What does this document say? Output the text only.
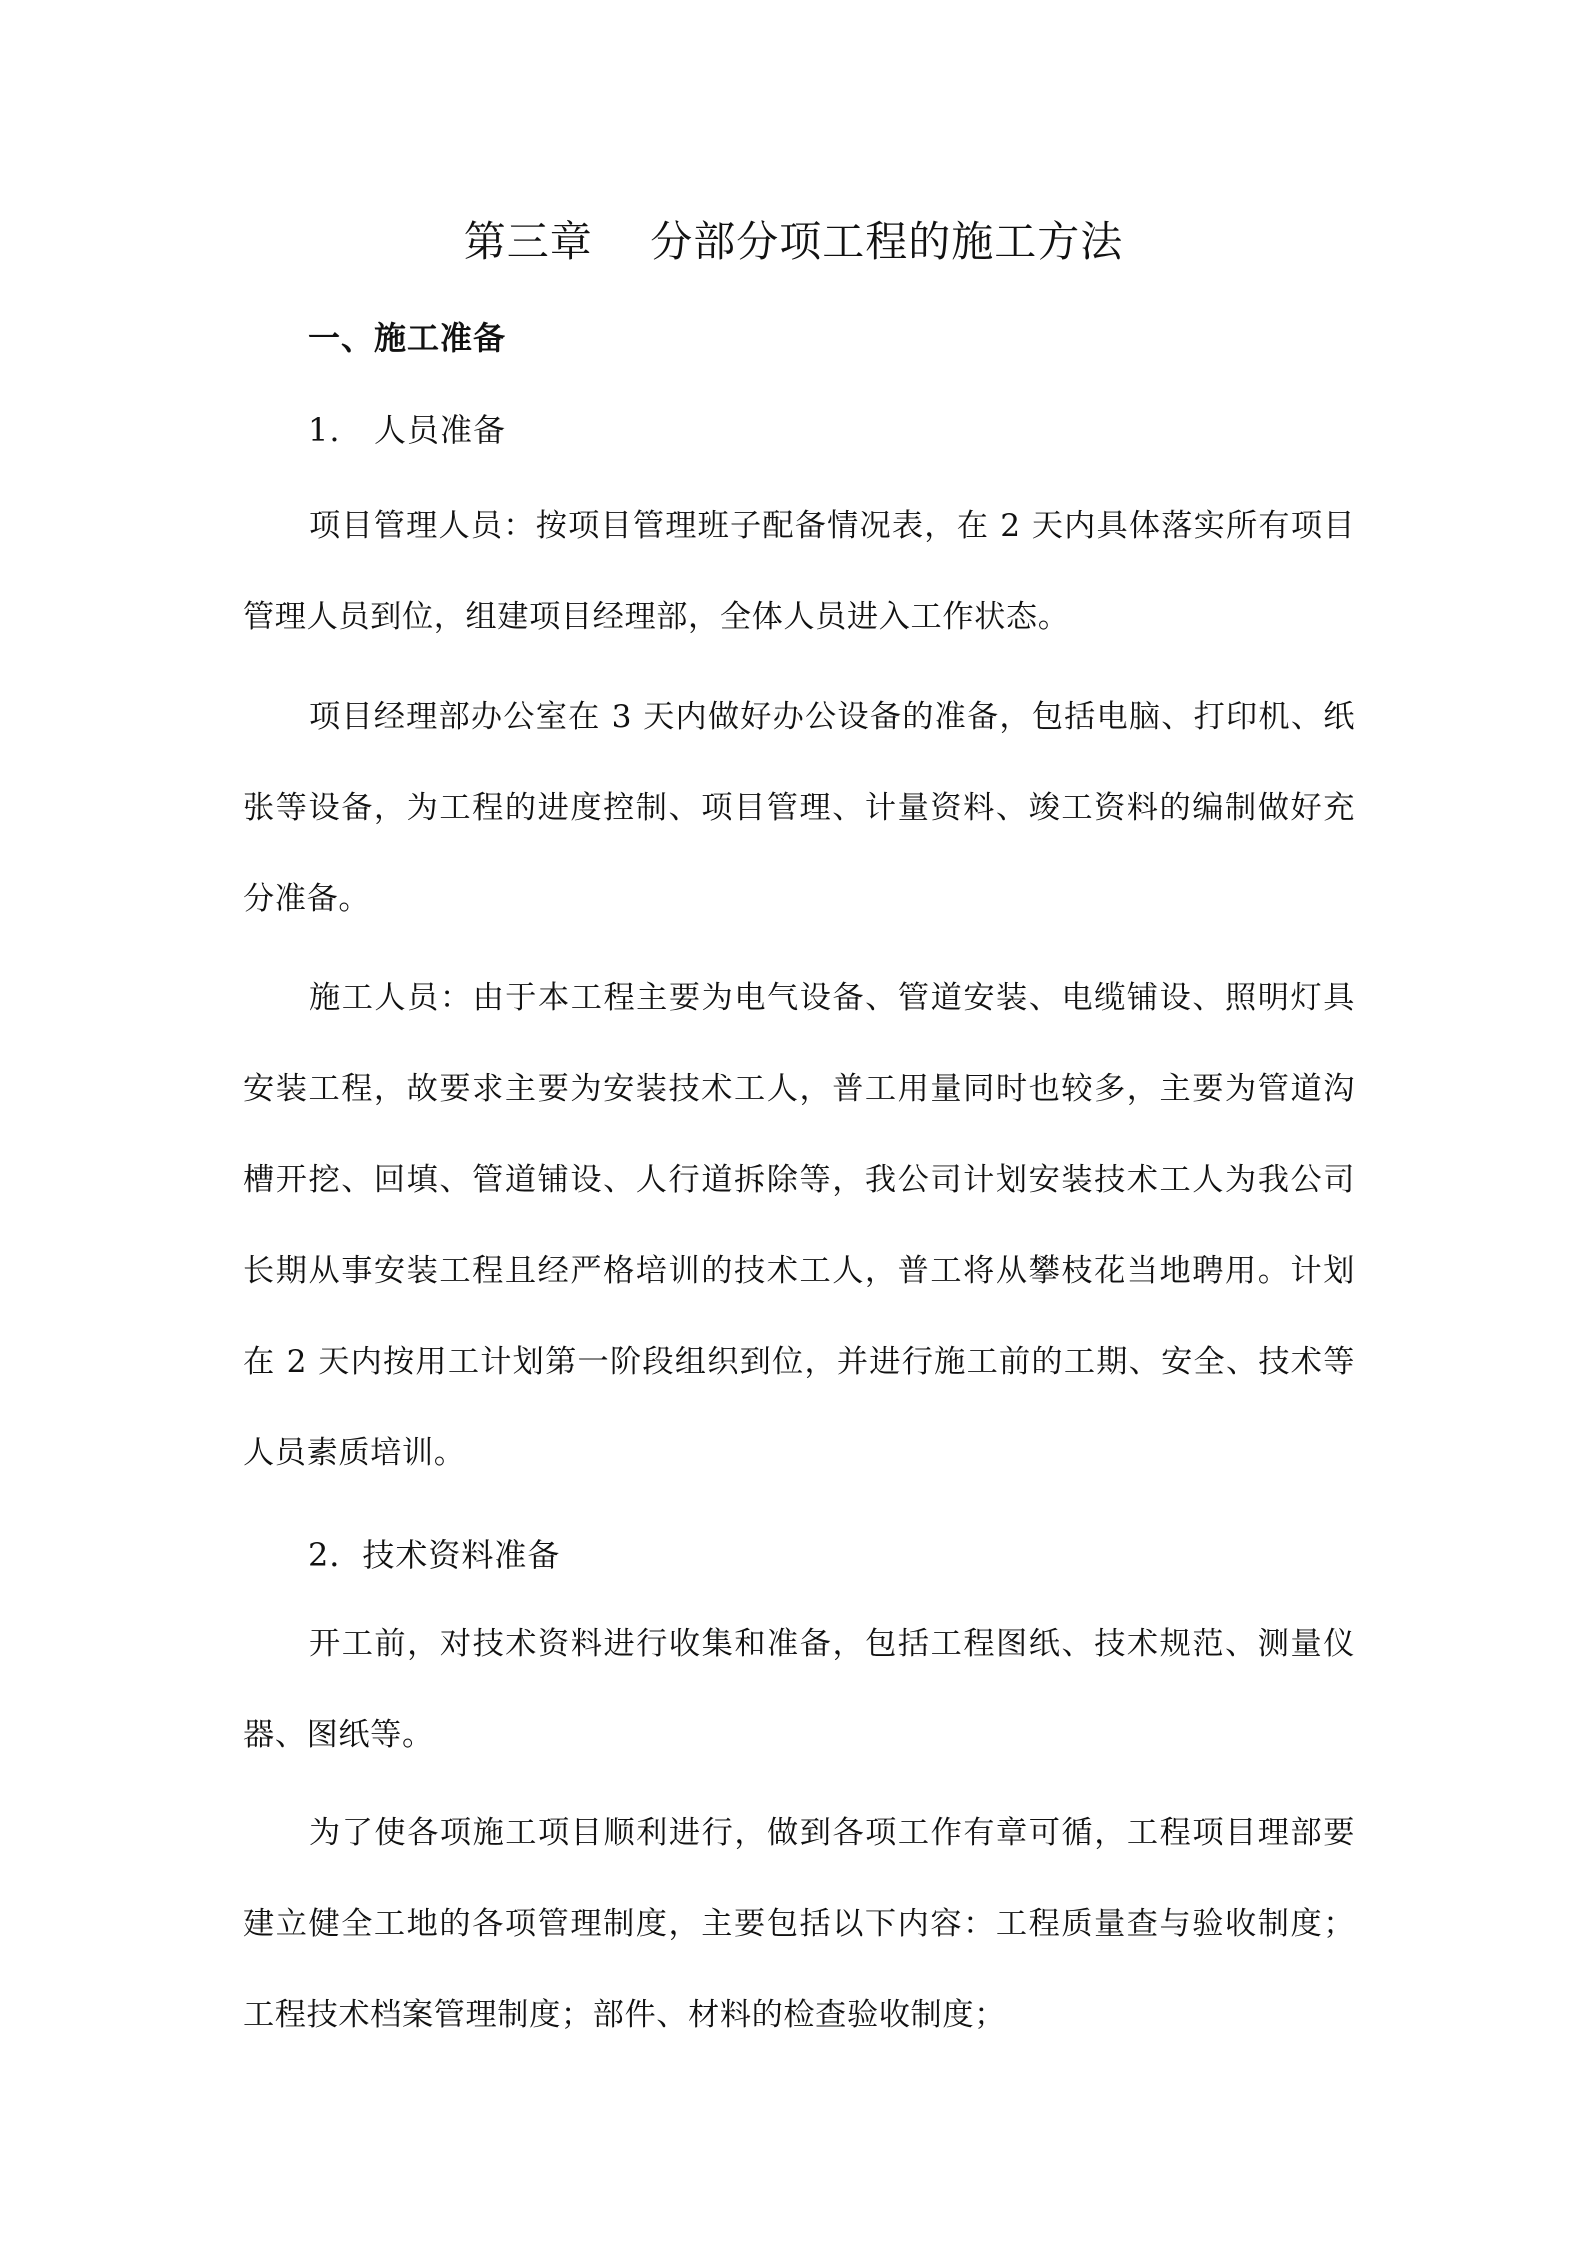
第三章    分部分项工程的施工方法
一、施工准备
1.   人员准备
项目管理人员：按项目管理班子配备情况表，在 2 天内具体落实所有项目管理人员到位，组建项目经理部，全体人员进入工作状态。
项目经理部办公室在 3 天内做好办公设备的准备，包括电脑、打印机、纸张等设备，为工程的进度控制、项目管理、计量资料、竣工资料的编制做好充分准备。
施工人员：由于本工程主要为电气设备、管道安装、电缆铺设、照明灯具安装工程，故要求主要为安装技术工人，普工用量同时也较多，主要为管道沟槽开挖、回填、管道铺设、人行道拆除等，我公司计划安装技术工人为我公司长期从事安装工程且经严格培训的技术工人，普工将从攀枝花当地聘用。计划在 2 天内按用工计划第一阶段组织到位，并进行施工前的工期、安全、技术等人员素质培训。
2．技术资料准备
开工前，对技术资料进行收集和准备，包括工程图纸、技术规范、测量仪器、图纸等。
为了使各项施工项目顺利进行，做到各项工作有章可循，工程项目理部要建立健全工地的各项管理制度，主要包括以下内容：工程质量查与验收制度；工程技术档案管理制度；部件、材料的检查验收制度；
